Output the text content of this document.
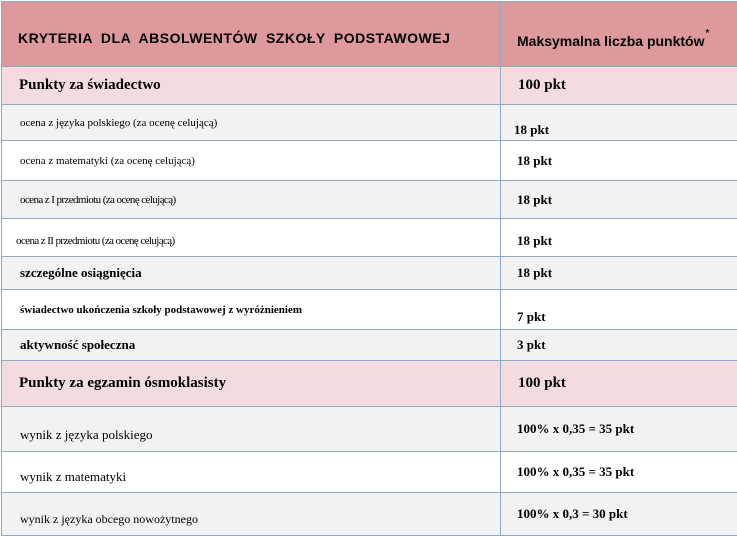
KRYTERIA DLA ABSOLWENTÓW SZKOŁY PODSTAWOWEJ	Maksymalna liczba punktów*
Punkty za świadectwo	100 pkt
ocena z języka polskiego (za ocenę celującą)	18 pkt
ocena z matematyki (za ocenę celującą)	18 pkt
ocena z I przedmiotu (za ocenę celującą)	18 pkt
ocena z II przedmiotu (za ocenę celującą)	18 pkt
szczególne osiągnięcia	18 pkt
świadectwo ukończenia szkoły podstawowej z wyróżnieniem	7 pkt
aktywność społeczna	3 pkt
Punkty za egzamin ósmoklasisty	100 pkt
wynik z języka polskiego	100% x 0,35 = 35 pkt
wynik z matematyki	100% x 0,35 = 35 pkt
wynik z języka obcego nowożytnego	100% x 0,3 = 30 pkt
